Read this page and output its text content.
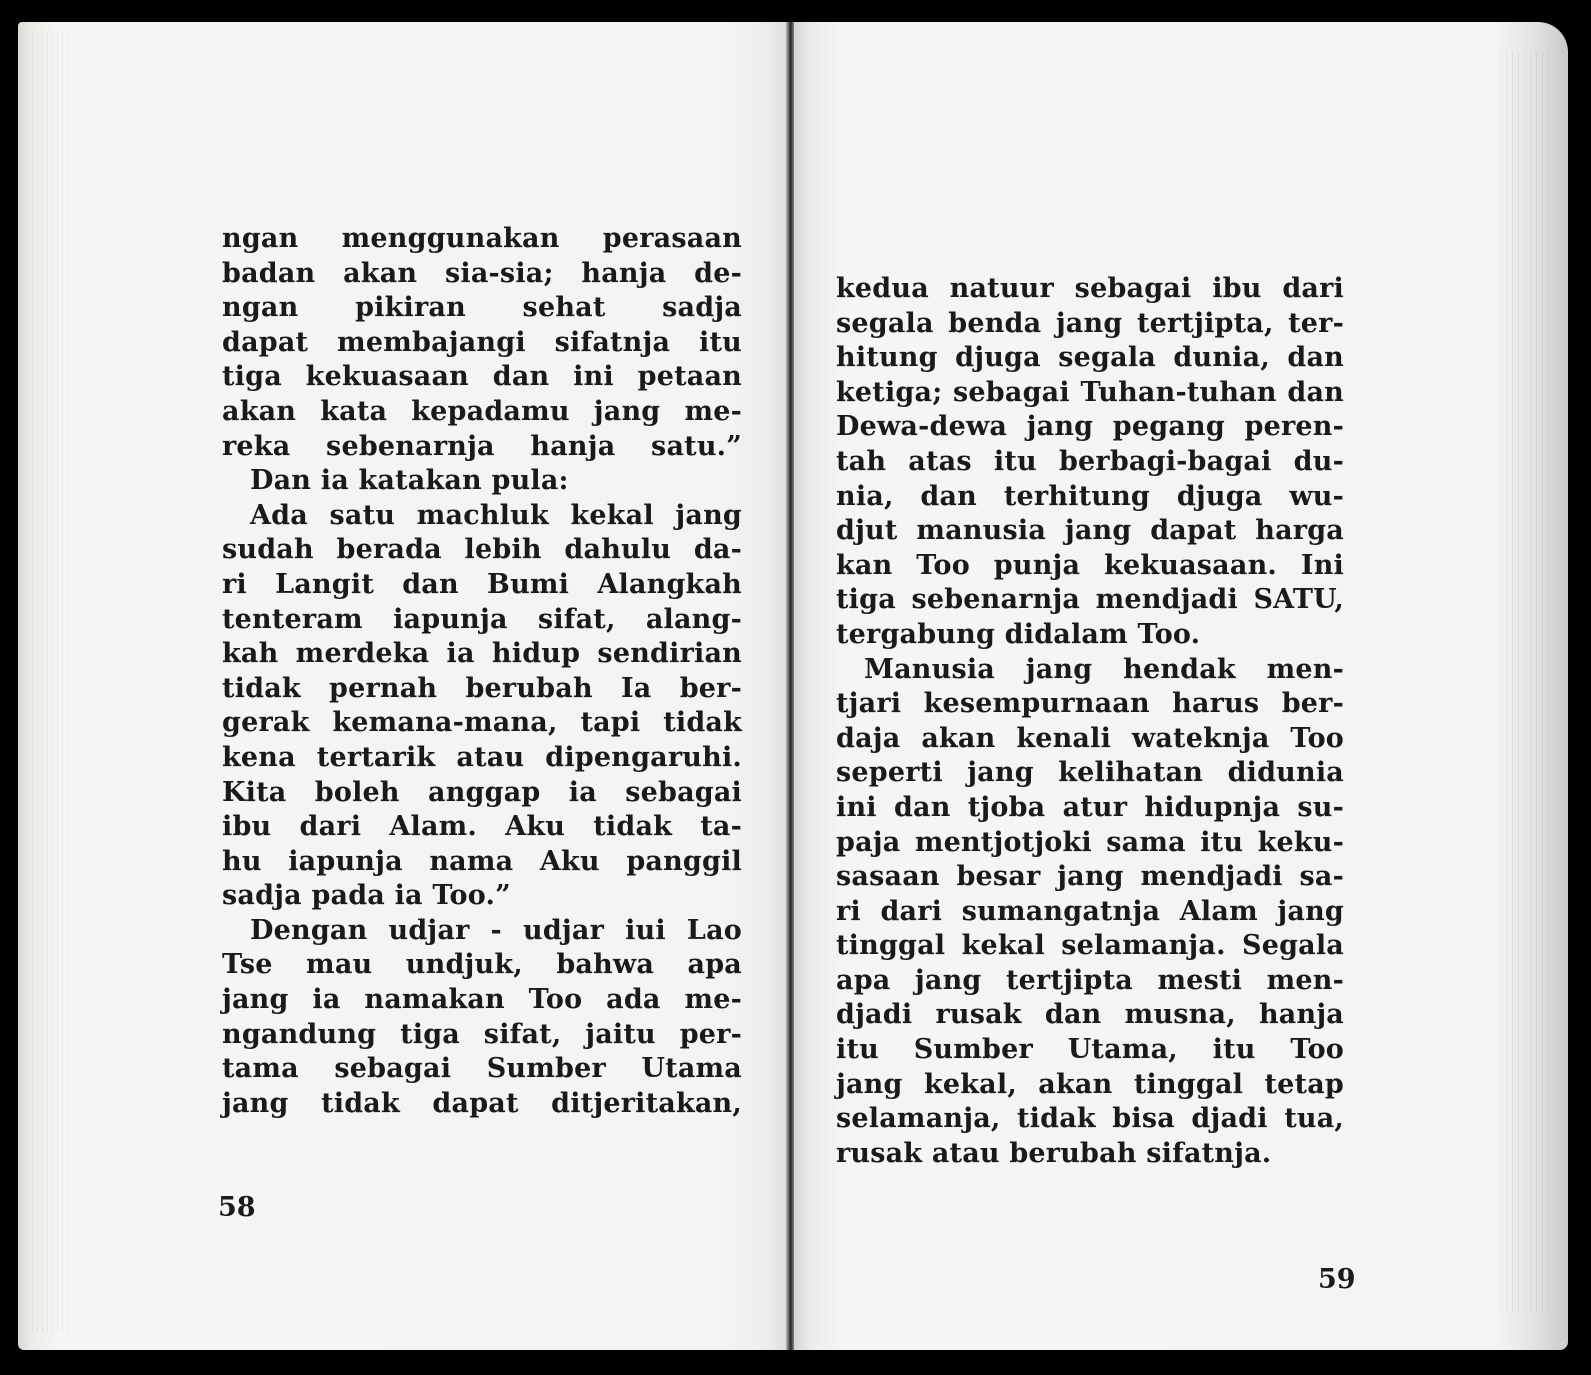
ngan menggunakan perasaan
badan akan sia-sia; hanja de-
ngan pikiran sehat sadja
dapat membajangi sifatnja itu
tiga kekuasaan dan ini petaan
akan kata kepadamu jang me-
reka sebenarnja hanja satu.”
Dan ia katakan pula:
Ada satu machluk kekal jang
sudah berada lebih dahulu da-
ri Langit dan Bumi Alangkah
tenteram iapunja sifat, alang-
kah merdeka ia hidup sendirian
tidak pernah berubah Ia ber-
gerak kemana-mana, tapi tidak
kena tertarik atau dipengaruhi.
Kita boleh anggap ia sebagai
ibu dari Alam. Aku tidak ta-
hu iapunja nama Aku panggil
sadja pada ia Too.”
Dengan udjar - udjar iui Lao
Tse mau undjuk, bahwa apa
jang ia namakan Too ada me-
ngandung tiga sifat, jaitu per-
tama sebagai Sumber Utama
jang tidak dapat ditjeritakan,
58
kedua natuur sebagai ibu dari
segala benda jang tertjipta, ter-
hitung djuga segala dunia, dan
ketiga; sebagai Tuhan-tuhan dan
Dewa-dewa jang pegang peren-
tah atas itu berbagi-bagai du-
nia, dan terhitung djuga wu-
djut manusia jang dapat harga
kan Too punja kekuasaan. Ini
tiga sebenarnja mendjadi SATU,
tergabung didalam Too.
Manusia jang hendak men-
tjari kesempurnaan harus ber-
daja akan kenali wateknja Too
seperti jang kelihatan didunia
ini dan tjoba atur hidupnja su-
paja mentjotjoki sama itu keku-
sasaan besar jang mendjadi sa-
ri dari sumangatnja Alam jang
tinggal kekal selamanja. Segala
apa jang tertjipta mesti men-
djadi rusak dan musna, hanja
itu Sumber Utama, itu Too
jang kekal, akan tinggal tetap
selamanja, tidak bisa djadi tua,
rusak atau berubah sifatnja.
59
